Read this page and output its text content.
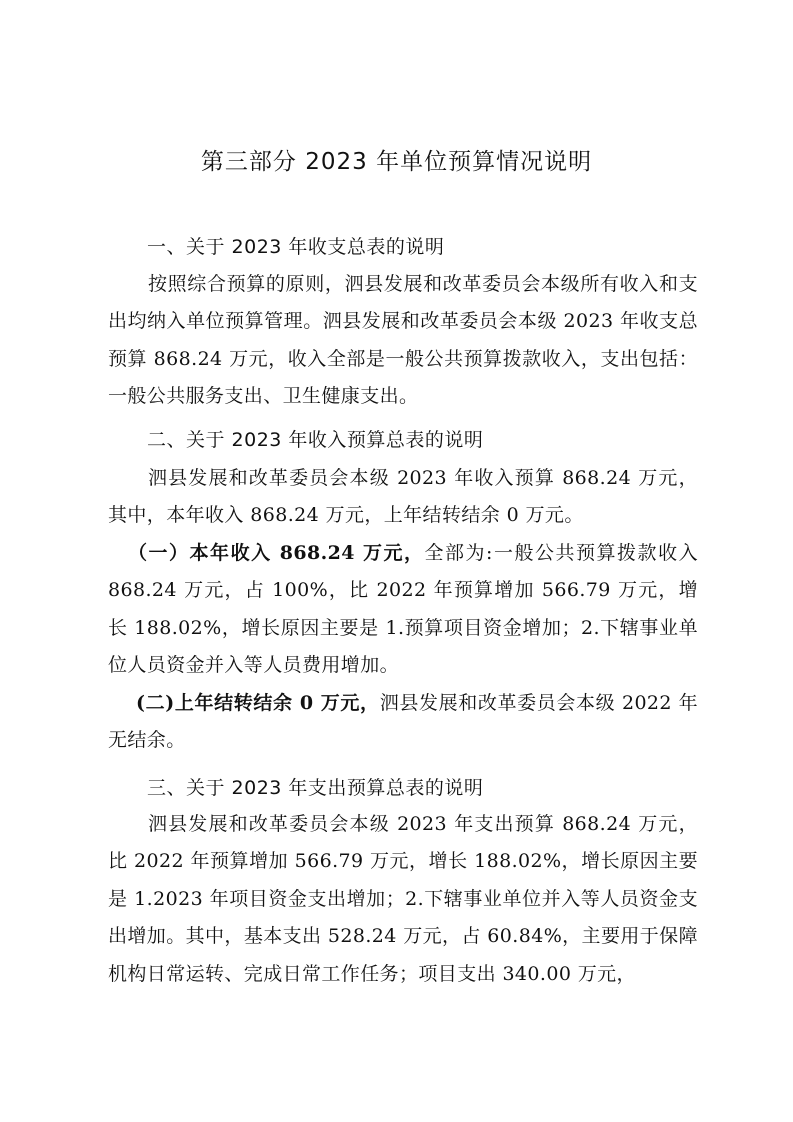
第三部分 2023 年单位预算情况说明
一、关于 2023 年收支总表的说明
按照综合预算的原则，泗县发展和改革委员会本级所有收入和支出均纳入单位预算管理。泗县发展和改革委员会本级 2023 年收支总预算 868.24 万元，收入全部是一般公共预算拨款收入，支出包括：一般公共服务支出、卫生健康支出。
二、关于 2023 年收入预算总表的说明
泗县发展和改革委员会本级 2023 年收入预算 868.24 万元，其中，本年收入 868.24 万元，上年结转结余 0 万元。
（一）本年收入 868.24 万元，全部为:一般公共预算拨款收入 868.24 万元，占 100%，比 2022 年预算增加 566.79 万元，增长 188.02%，增长原因主要是 1.预算项目资金增加；2.下辖事业单位人员资金并入等人员费用增加。
(二)上年结转结余 0 万元，泗县发展和改革委员会本级 2022 年无结余。
三、关于 2023 年支出预算总表的说明
泗县发展和改革委员会本级 2023 年支出预算 868.24 万元，比 2022 年预算增加 566.79 万元，增长 188.02%，增长原因主要是 1.2023 年项目资金支出增加；2.下辖事业单位并入等人员资金支出增加。其中，基本支出 528.24 万元，占 60.84%，主要用于保障机构日常运转、完成日常工作任务；项目支出 340.00 万元，
